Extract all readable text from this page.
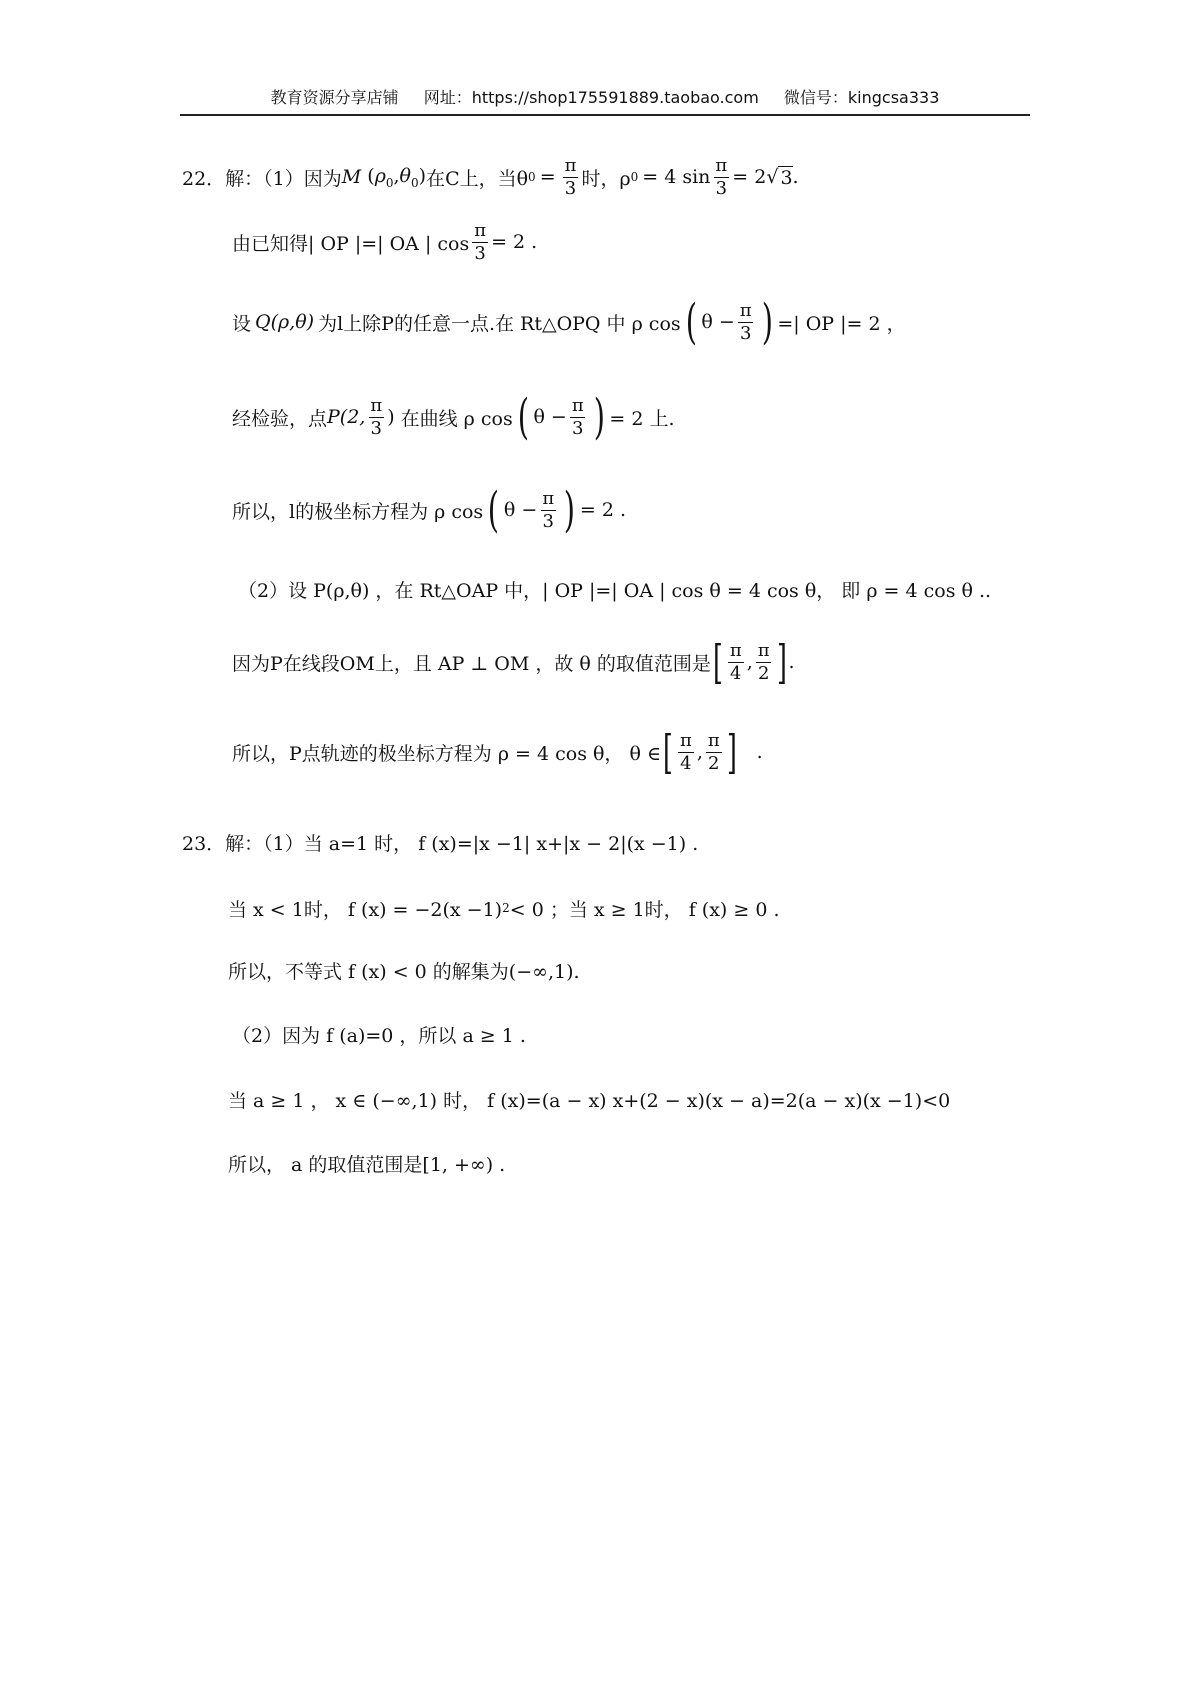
教育资源分享店铺 网址：https://shop175591889.taobao.com 微信号：kingcsa333
22．解：（1）因为 M $(\rho_0,\theta_0)$ 在C上，当θ $0 = \frac{\pi}{3}$ 时，ρ 0 = 4 $\sin \frac{\pi}{3} = 2$ √ 3 .
由已知得| OP |=| OA | $\cos \frac{\pi}{3} = 2$ .
设 Q(ρ,θ) 为l上除P的任意一点.在 Rt△OPQ 中 ρ cos ( $\theta - \frac{\pi}{3}$ ) =| OP |= 2 ，
经检验，点 P(2, $\frac{\pi}{3}$ ) 在曲线 ρ cos ( $\theta - \frac{\pi}{3}$ ) = 2 上.
所以，l的极坐标方程为 ρ cos ( $\theta - \frac{\pi}{3}$ ) = 2 .
（2）设 P(ρ,θ) ，在 Rt△OAP 中，| OP |=| OA | cos θ = 4 cos θ， 即 ρ = 4 cos θ ..
因为P在线段OM上，且 AP ⊥ OM ，故 θ 的取值范围是 [ $\frac{\pi}{4}$ , $\frac{\pi}{2}$ ] .
所以，P点轨迹的极坐标方程为 ρ = 4 cos θ， θ ∈ [ $\frac{\pi}{4}$ , $\frac{\pi}{2}$ ] .
23．解：（1）当 a=1 时， f (x)=|x −1| x+|x − 2|(x −1) .
当 x < 1时， f (x) = −2(x −1) 2 < 0 ；当 x ≥ 1时， f (x) ≥ 0 .
所以，不等式 f (x) < 0 的解集为(−∞,1).
（2）因为 f (a)=0 ，所以 a ≥ 1 .
当 a ≥ 1 ， x ∈ (−∞,1) 时， f (x)=(a − x) x+(2 − x)(x − a)=2(a − x)(x −1)<0
所以， a 的取值范围是[1, +∞) .
